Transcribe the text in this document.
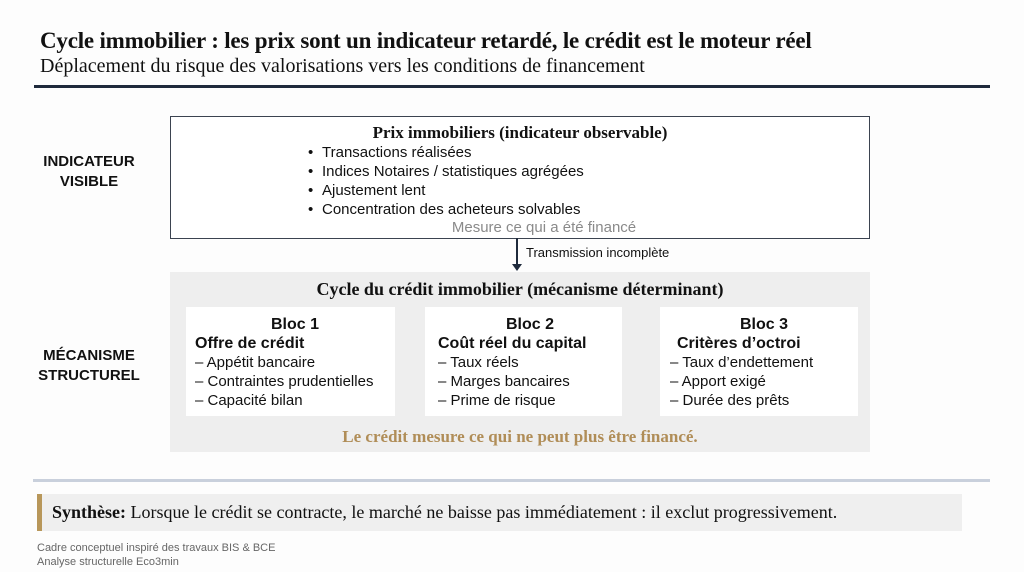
Cycle immobilier : les prix sont un indicateur retardé, le crédit est le moteur réel
Déplacement du risque des valorisations vers les conditions de financement
INDICATEUR
VISIBLE
Prix immobiliers (indicateur observable)
• Transactions réalisées
• Indices Notaires / statistiques agrégées
• Ajustement lent
• Concentration des acheteurs solvables
Mesure ce qui a été financé
Transmission incomplète
MÉCANISME
STRUCTUREL
Cycle du crédit immobilier (mécanisme déterminant)
Bloc 1
Offre de crédit
– Appétit bancaire
– Contraintes prudentielles
– Capacité bilan
Bloc 2
Coût réel du capital
– Taux réels
– Marges bancaires
– Prime de risque
Bloc 3
Critères d’octroi
– Taux d’endettement
– Apport exigé
– Durée des prêts
Le crédit mesure ce qui ne peut plus être financé.
Synthèse: Lorsque le crédit se contracte, le marché ne baisse pas immédiatement : il exclut progressivement.
Cadre conceptuel inspiré des travaux BIS & BCE
Analyse structurelle Eco3min
